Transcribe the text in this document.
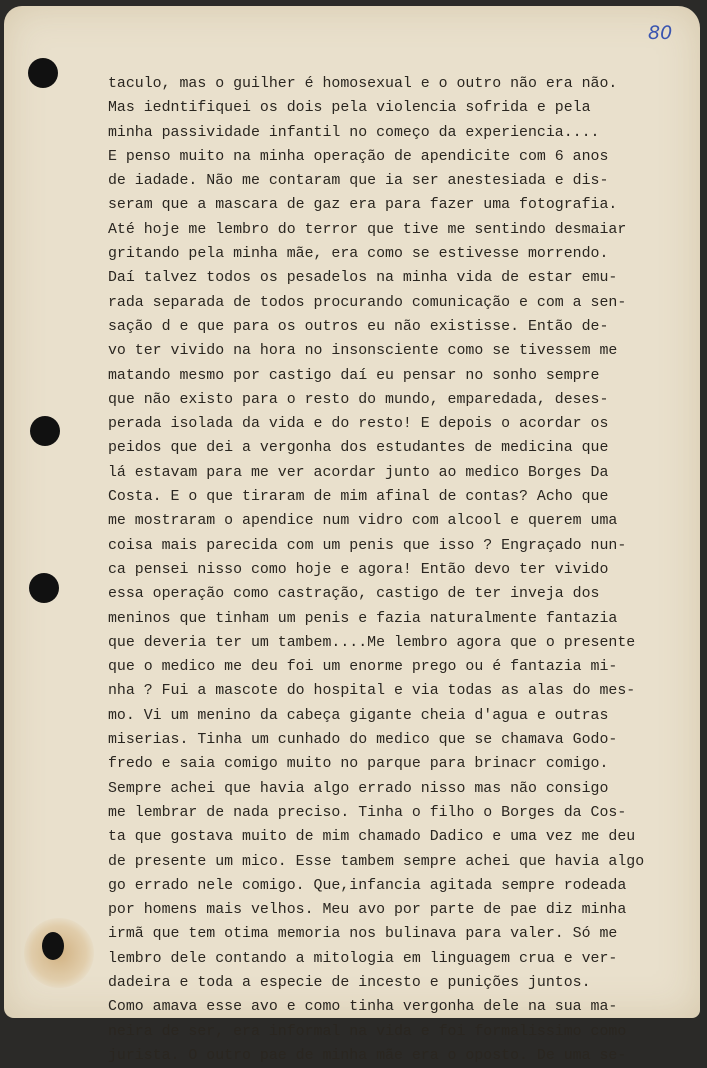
80
taculo, mas o guilher é homosexual e o outro não era não.
Mas iedntifiquei os dois pela violencia sofrida e pela
minha passividade infantil no começo da experiencia....
E penso muito na minha operação de apendicite com 6 anos
de iadade. Não me contaram que ia ser anestesiada e dis-
seram que a mascara de gaz era para fazer uma fotografia.
Até hoje me lembro do terror que tive me sentindo desmaiar
gritando pela minha mãe, era como se estivesse morrendo.
Daí talvez todos os pesadelos na minha vida de estar emu-
rada separada de todos procurando comunicação e com a sen-
sação d e que para os outros eu não existisse. Então de-
vo ter vivido na hora no insonsciente como se tivessem me
matando mesmo por castigo daí eu pensar no sonho sempre
que não existo para o resto do mundo, emparedada, deses-
perada isolada da vida e do resto! E depois o acordar os
peidos que dei a vergonha dos estudantes de medicina que
lá estavam para me ver acordar junto ao medico Borges Da
Costa. E o que tiraram de mim afinal de contas? Acho que
me mostraram o apendice num vidro com alcool e querem uma
coisa mais parecida com um penis que isso ? Engraçado nun-
ca pensei nisso como hoje e agora! Então devo ter vivido
essa operação como castração, castigo de ter inveja dos
meninos que tinham um penis e fazia naturalmente fantazia
que deveria ter um tambem....Me lembro agora que o presente
que o medico me deu foi um enorme prego ou é fantazia mi-
nha ? Fui a mascote do hospital e via todas as alas do mes-
mo. Vi um menino da cabeça gigante cheia d'agua e outras
miserias. Tinha um cunhado do medico que se chamava Godo-
fredo e saia comigo muito no parque para brinacr comigo.
Sempre achei que havia algo errado nisso mas não consigo
me lembrar de nada preciso. Tinha o filho o Borges da Cos-
ta que gostava muito de mim chamado Dadico e uma vez me deu
de presente um mico. Esse tambem sempre achei que havia algo
go errado nele comigo. Que,infancia agitada sempre rodeada
por homens mais velhos. Meu avo por parte de pae diz minha
irmã que tem otima memoria nos bulinava para valer. Só me
lembro dele contando a mitologia em linguagem crua e ver-
dadeira e toda a especie de incesto e punições juntos.
Como amava esse avo e como tinha vergonha dele na sua ma-
neira de ser, era informal na vida e foi formalissimo como
jurista. O outro pae de minha mãe era o oposto. De uma se-
